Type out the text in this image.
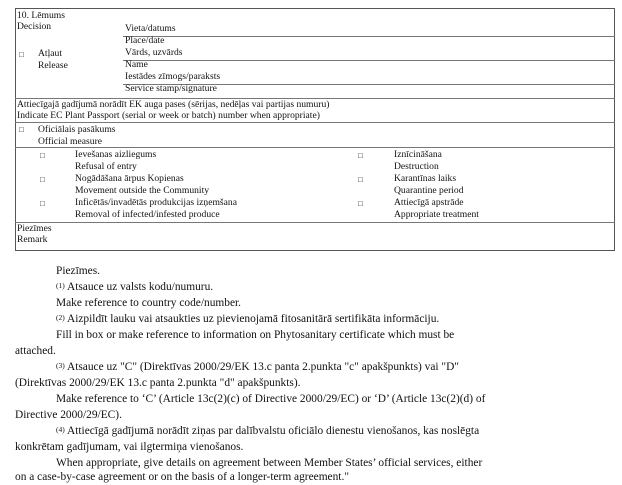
10. Lēmums
Decision	Vieta/datums
Place/date
Vārds, uzvārds
Name
Iestādes zīmogs/paraksts
Service stamp/signature
□ Atļaut
Release
Attiecīgajā gadījumā norādīt EK auga pases (sērijas, nedēļas vai partijas numuru)
Indicate EC Plant Passport (serial or week or batch) number when appropriate)
□ Oficiālais pasākums
Official measure
□	Ievešanas aizliegums
Refusal of entry
□	Nogādāšana ārpus Kopienas
Movement outside the Community
□	Inficētās/invadētās produkcijas izņemšana
Removal of infected/infested produce
□	Iznīcināšana
Destruction
□	Karantīnas laiks
Quarantine period
□	Attiecīgā apstrāde
Appropriate treatment
Piezīmes
Remark
Piezīmes.
$^{(1)}$ Atsauce uz valsts kodu/numuru.
Make reference to country code/number.
$^{(2)}$ Aizpildīt lauku vai atsaukties uz pievienojamā fitosanitārā sertifikāta informāciju.
Fill in box or make reference to information on Phytosanitary certificate which must be
attached.
$^{(3)}$ Atsauce uz "C" (Direktīvas 2000/29/EK 13.c panta 2.punkta "c" apakšpunkts) vai "D"
(Direktīvas 2000/29/EK 13.c panta 2.punkta "d" apakšpunkts).
Make reference to ‘C’ (Article 13c(2)(c) of Directive 2000/29/EC) or ‘D’ (Article 13c(2)(d) of
Directive 2000/29/EC).
$^{(4)}$ Attiecīgā gadījumā norādīt ziņas par dalībvalstu oficiālo dienestu vienošanos, kas noslēgta
konkrētam gadījumam, vai ilgtermiņa vienošanos.
When appropriate, give details on agreement between Member States’ official services, either
on a case-by-case agreement or on the basis of a longer-term agreement."
